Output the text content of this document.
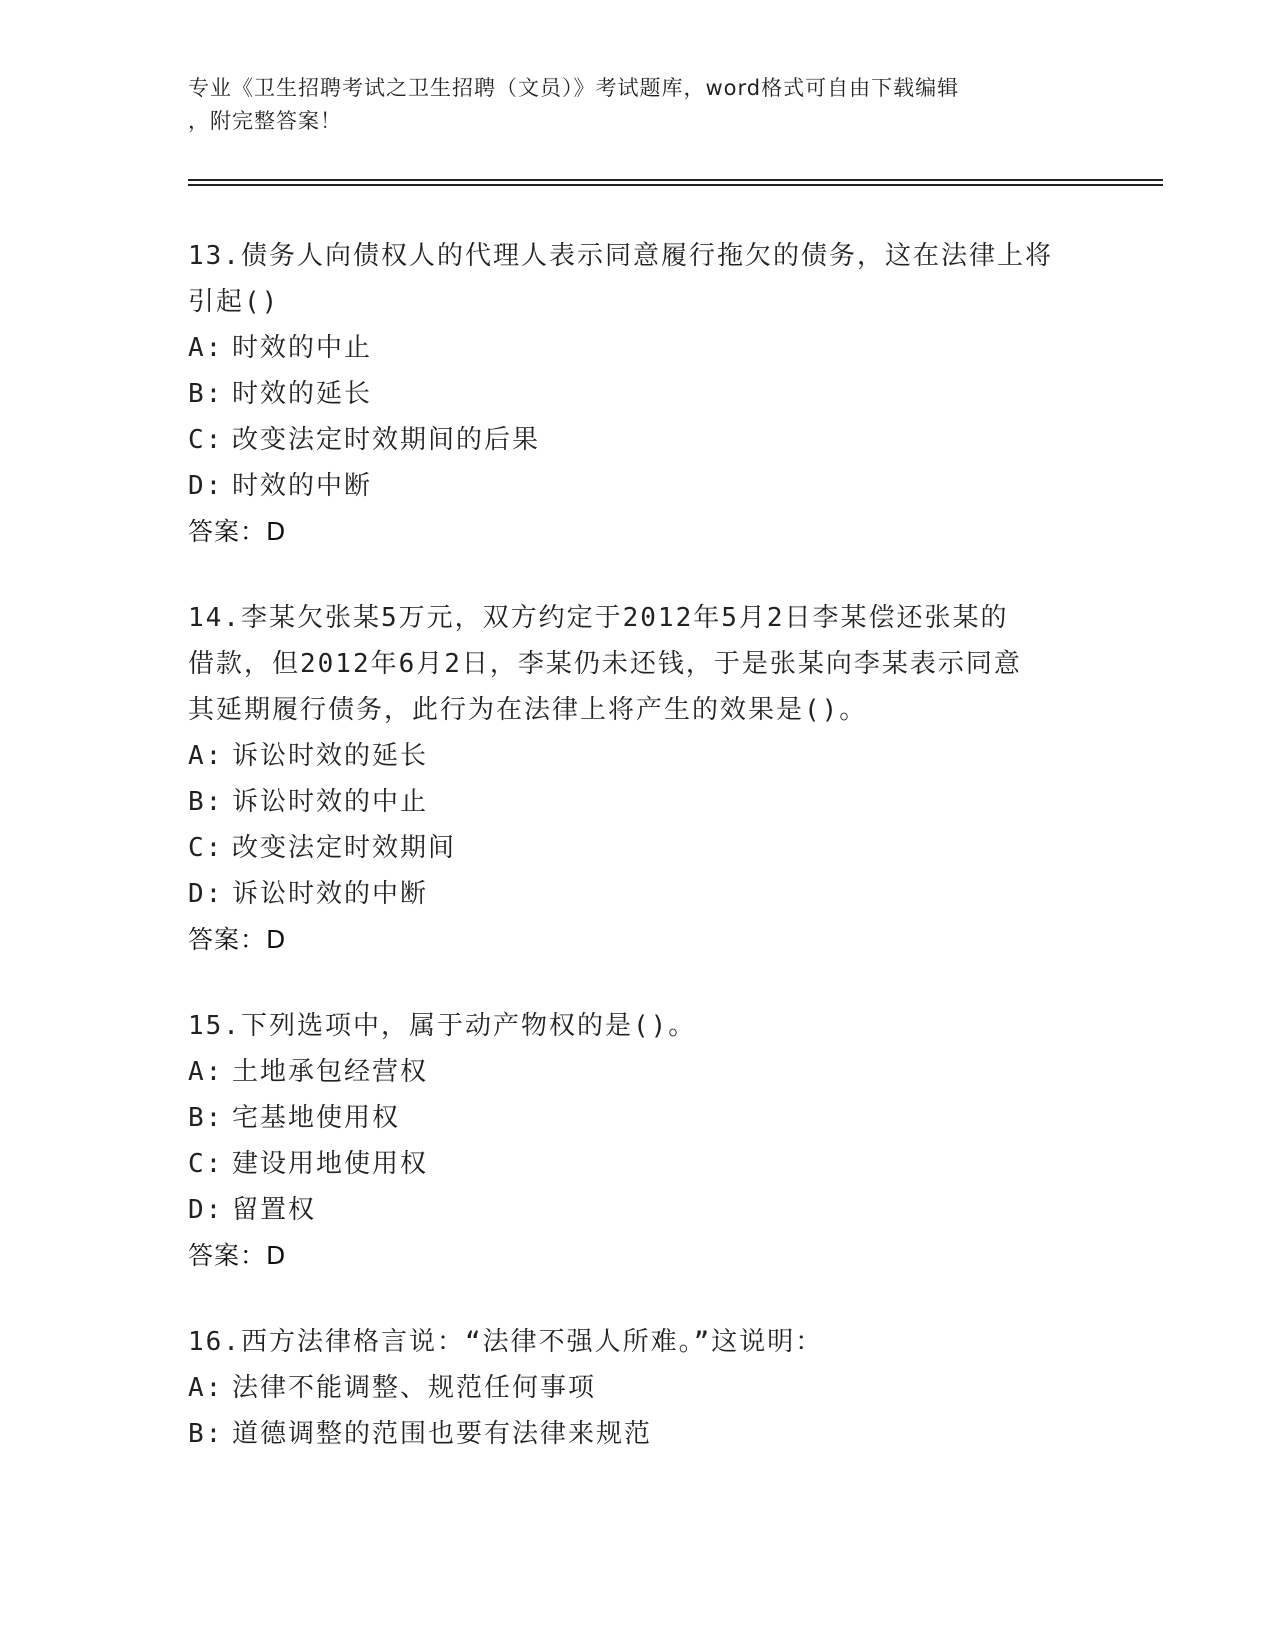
专业《卫生招聘考试之卫生招聘（文员）》考试题库，word格式可自由下载编辑
，附完整答案！
13.债务人向债权人的代理人表示同意履行拖欠的债务，这在法律上将
引起()
A: 时效的中止
B: 时效的延长
C: 改变法定时效期间的后果
D: 时效的中断
答案：D
14.李某欠张某5万元，双方约定于2012年5月2日李某偿还张某的
借款，但2012年6月2日，李某仍未还钱，于是张某向李某表示同意
其延期履行债务，此行为在法律上将产生的效果是()。
A: 诉讼时效的延长
B: 诉讼时效的中止
C: 改变法定时效期间
D: 诉讼时效的中断
答案：D
15.下列选项中，属于动产物权的是()。
A: 土地承包经营权
B: 宅基地使用权
C: 建设用地使用权
D: 留置权
答案：D
16.西方法律格言说：“法律不强人所难。”这说明：
A: 法律不能调整、规范任何事项
B: 道德调整的范围也要有法律来规范
